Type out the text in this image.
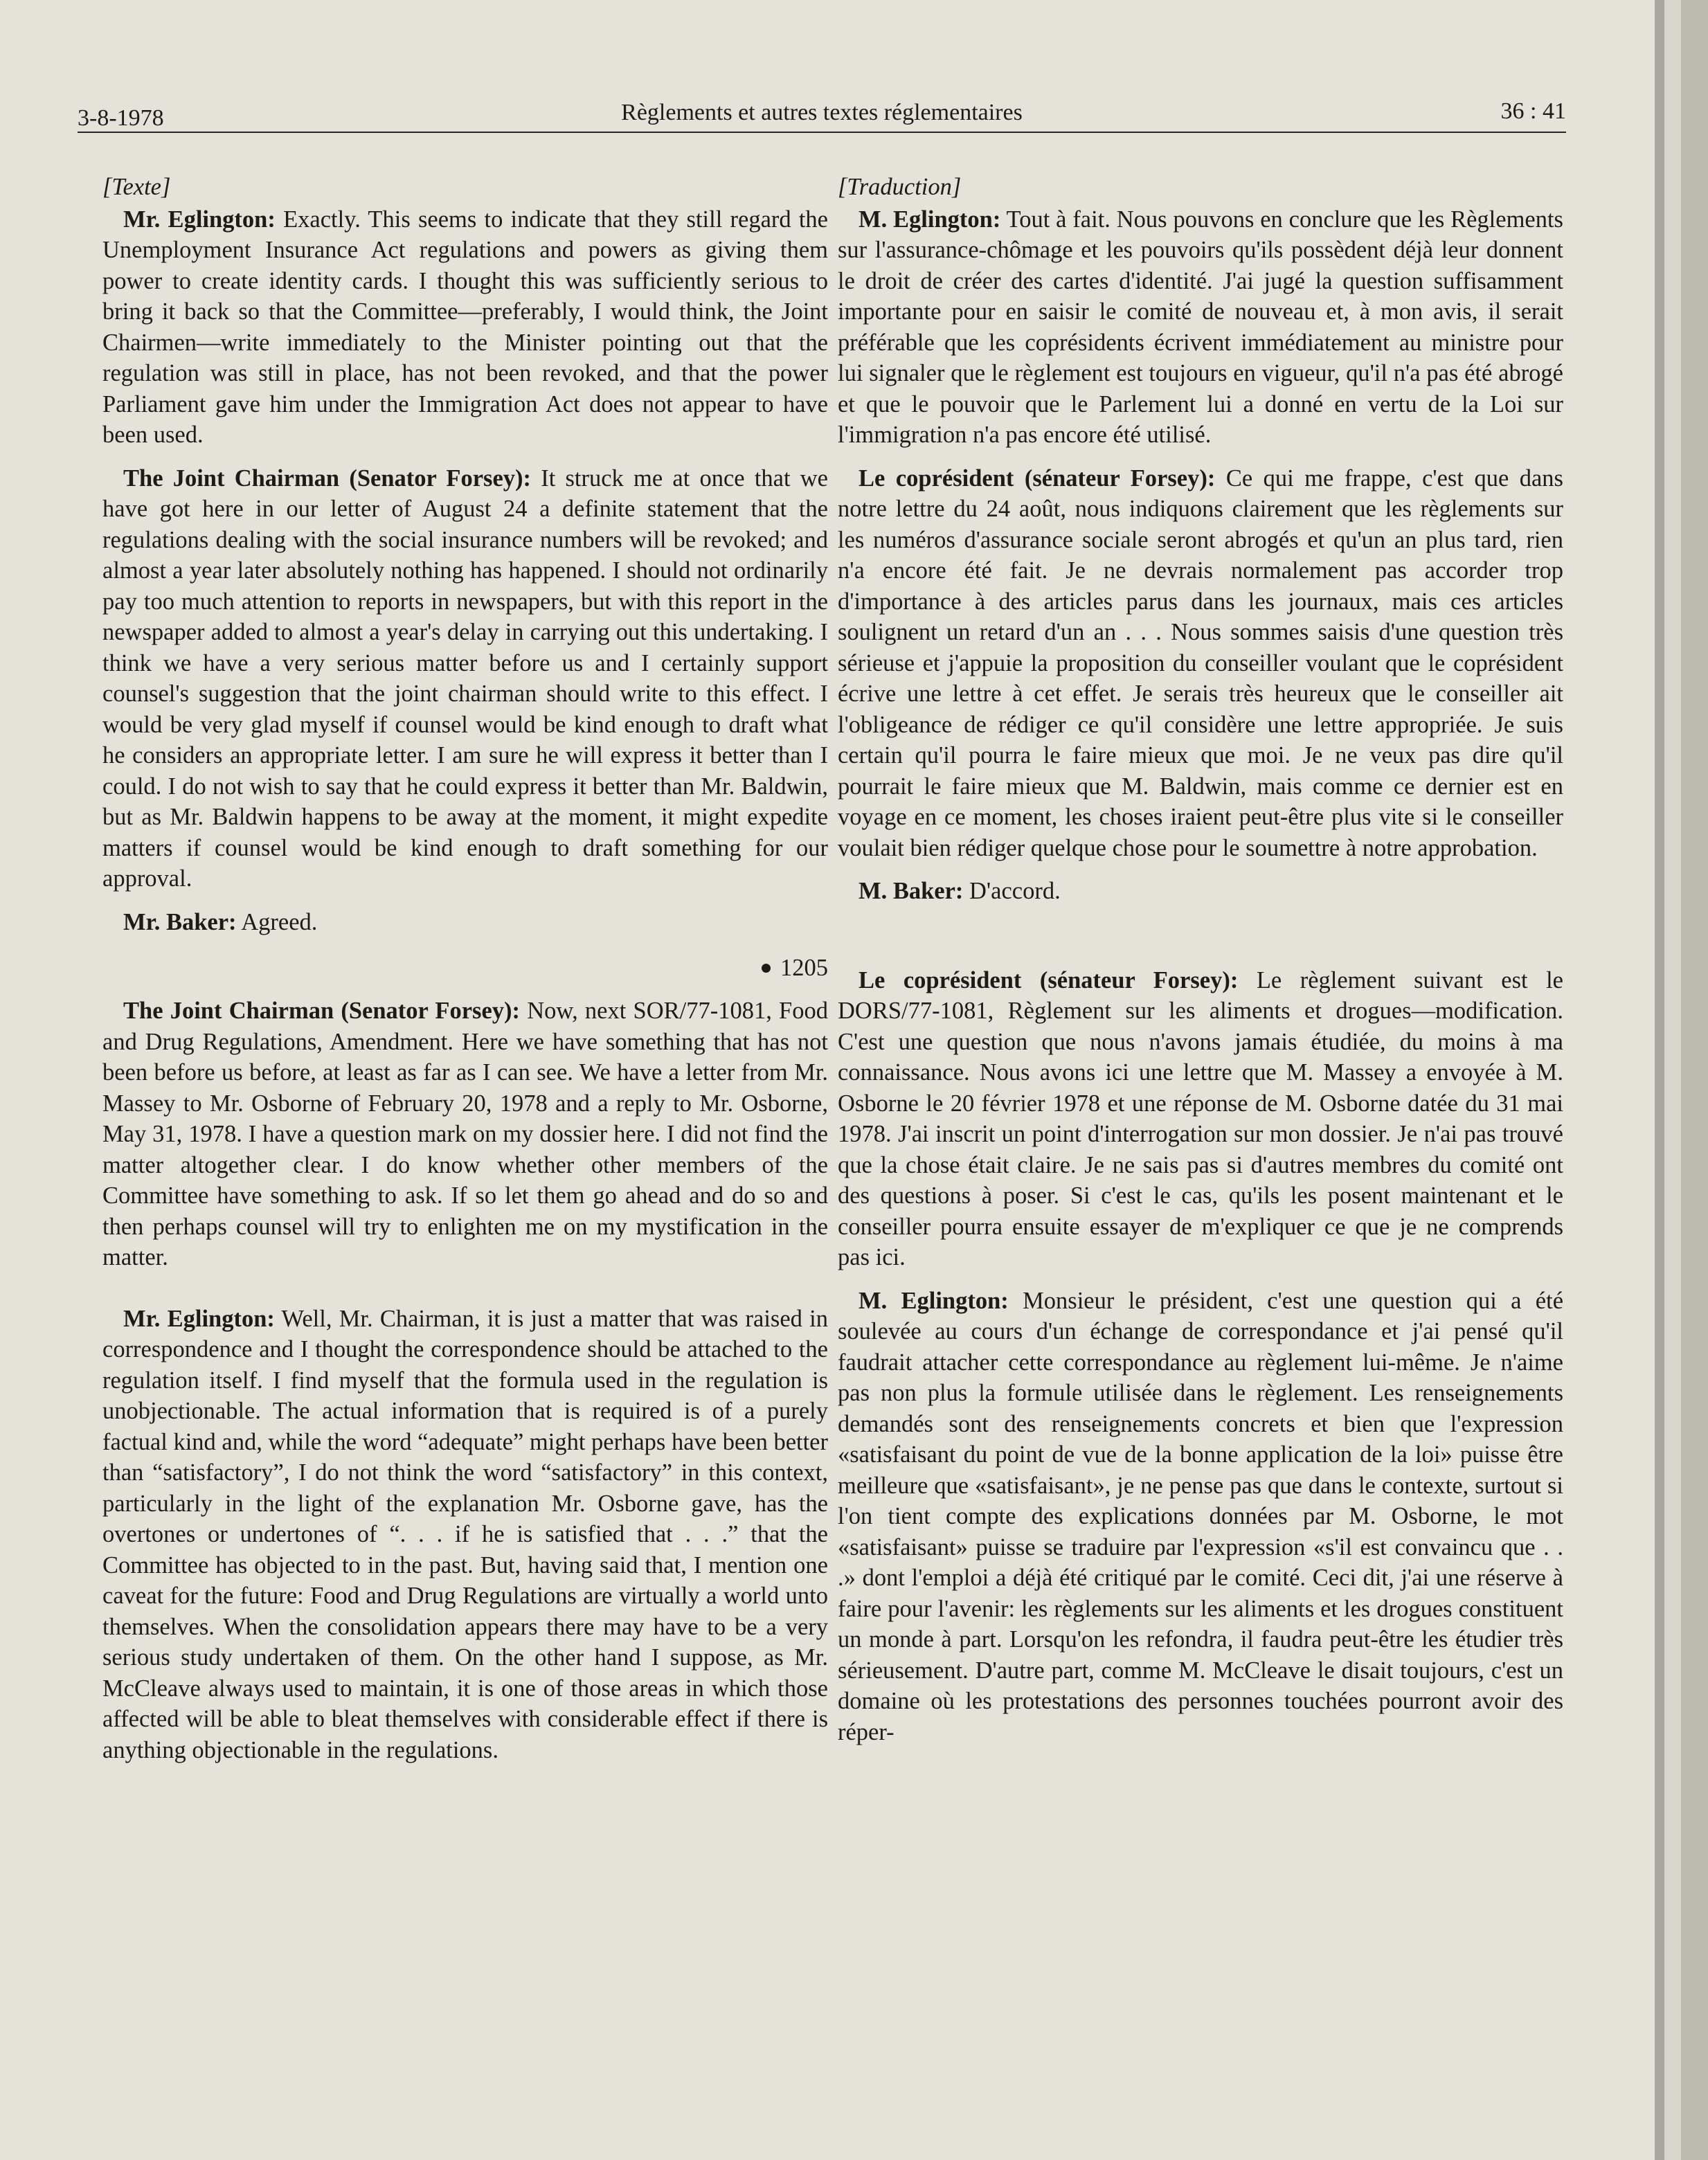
3-8-1978	Règlements et autres textes réglementaires	36 : 41

[Texte]

Mr. Eglington: Exactly. This seems to indicate that they still regard the Unemployment Insurance Act regulations and powers as giving them power to create identity cards. I thought this was sufficiently serious to bring it back so that the Committee—preferably, I would think, the Joint Chairmen—write immediately to the Minister pointing out that the regulation was still in place, has not been revoked, and that the power Parliament gave him under the Immigration Act does not appear to have been used.

The Joint Chairman (Senator Forsey): It struck me at once that we have got here in our letter of August 24 a definite statement that the regulations dealing with the social insurance numbers will be revoked; and almost a year later absolutely nothing has happened. I should not ordinarily pay too much attention to reports in newspapers, but with this report in the newspaper added to almost a year's delay in carrying out this undertaking. I think we have a very serious matter before us and I certainly support counsel's suggestion that the joint chairman should write to this effect. I would be very glad myself if counsel would be kind enough to draft what he considers an appropriate letter. I am sure he will express it better than I could. I do not wish to say that he could express it better than Mr. Baldwin, but as Mr. Baldwin happens to be away at the moment, it might expedite matters if counsel would be kind enough to draft something for our approval.

Mr. Baker: Agreed.

1205

The Joint Chairman (Senator Forsey): Now, next SOR/77-1081, Food and Drug Regulations, Amendment. Here we have something that has not been before us before, at least as far as I can see. We have a letter from Mr. Massey to Mr. Osborne of February 20, 1978 and a reply to Mr. Osborne, May 31, 1978. I have a question mark on my dossier here. I did not find the matter altogether clear. I do know whether other members of the Committee have something to ask. If so let them go ahead and do so and then perhaps counsel will try to enlighten me on my mystification in the matter.

Mr. Eglington: Well, Mr. Chairman, it is just a matter that was raised in correspondence and I thought the correspondence should be attached to the regulation itself. I find myself that the formula used in the regulation is unobjectionable. The actual information that is required is of a purely factual kind and, while the word “adequate” might perhaps have been better than “satisfactory”, I do not think the word “satisfactory” in this context, particularly in the light of the explanation Mr. Osborne gave, has the overtones or undertones of “. . . if he is satisfied that . . .” that the Committee has objected to in the past. But, having said that, I mention one caveat for the future: Food and Drug Regulations are virtually a world unto themselves. When the consolidation appears there may have to be a very serious study undertaken of them. On the other hand I suppose, as Mr. McCleave always used to maintain, it is one of those areas in which those affected will be able to bleat themselves with considerable effect if there is anything objectionable in the regulations.

[Traduction]

M. Eglington: Tout à fait. Nous pouvons en conclure que les Règlements sur l'assurance-chômage et les pouvoirs qu'ils possèdent déjà leur donnent le droit de créer des cartes d'identité. J'ai jugé la question suffisamment importante pour en saisir le comité de nouveau et, à mon avis, il serait préférable que les coprésidents écrivent immédiatement au ministre pour lui signaler que le règlement est toujours en vigueur, qu'il n'a pas été abrogé et que le pouvoir que le Parlement lui a donné en vertu de la Loi sur l'immigration n'a pas encore été utilisé.

Le coprésident (sénateur Forsey): Ce qui me frappe, c'est que dans notre lettre du 24 août, nous indiquons clairement que les règlements sur les numéros d'assurance sociale seront abrogés et qu'un an plus tard, rien n'a encore été fait. Je ne devrais normalement pas accorder trop d'importance à des articles parus dans les journaux, mais ces articles soulignent un retard d'un an . . . Nous sommes saisis d'une question très sérieuse et j'appuie la proposition du conseiller voulant que le coprésident écrive une lettre à cet effet. Je serais très heureux que le conseiller ait l'obligeance de rédiger ce qu'il considère une lettre appropriée. Je suis certain qu'il pourra le faire mieux que moi. Je ne veux pas dire qu'il pourrait le faire mieux que M. Baldwin, mais comme ce dernier est en voyage en ce moment, les choses iraient peut-être plus vite si le conseiller voulait bien rédiger quelque chose pour le soumettre à notre approbation.

M. Baker: D'accord.

Le coprésident (sénateur Forsey): Le règlement suivant est le DORS/77-1081, Règlement sur les aliments et drogues—modification. C'est une question que nous n'avons jamais étudiée, du moins à ma connaissance. Nous avons ici une lettre que M. Massey a envoyée à M. Osborne le 20 février 1978 et une réponse de M. Osborne datée du 31 mai 1978. J'ai inscrit un point d'interrogation sur mon dossier. Je n'ai pas trouvé que la chose était claire. Je ne sais pas si d'autres membres du comité ont des questions à poser. Si c'est le cas, qu'ils les posent maintenant et le conseiller pourra ensuite essayer de m'expliquer ce que je ne comprends pas ici.

M. Eglington: Monsieur le président, c'est une question qui a été soulevée au cours d'un échange de correspondance et j'ai pensé qu'il faudrait attacher cette correspondance au règlement lui-même. Je n'aime pas non plus la formule utilisée dans le règlement. Les renseignements demandés sont des renseignements concrets et bien que l'expression «satisfaisant du point de vue de la bonne application de la loi» puisse être meilleure que «satisfaisant», je ne pense pas que dans le contexte, surtout si l'on tient compte des explications données par M. Osborne, le mot «satisfaisant» puisse se traduire par l'expression «s'il est convaincu que . . .» dont l'emploi a déjà été critiqué par le comité. Ceci dit, j'ai une réserve à faire pour l'avenir: les règlements sur les aliments et les drogues constituent un monde à part. Lorsqu'on les refondra, il faudra peut-être les étudier très sérieusement. D'autre part, comme M. McCleave le disait toujours, c'est un domaine où les protestations des personnes touchées pourront avoir des réper-
